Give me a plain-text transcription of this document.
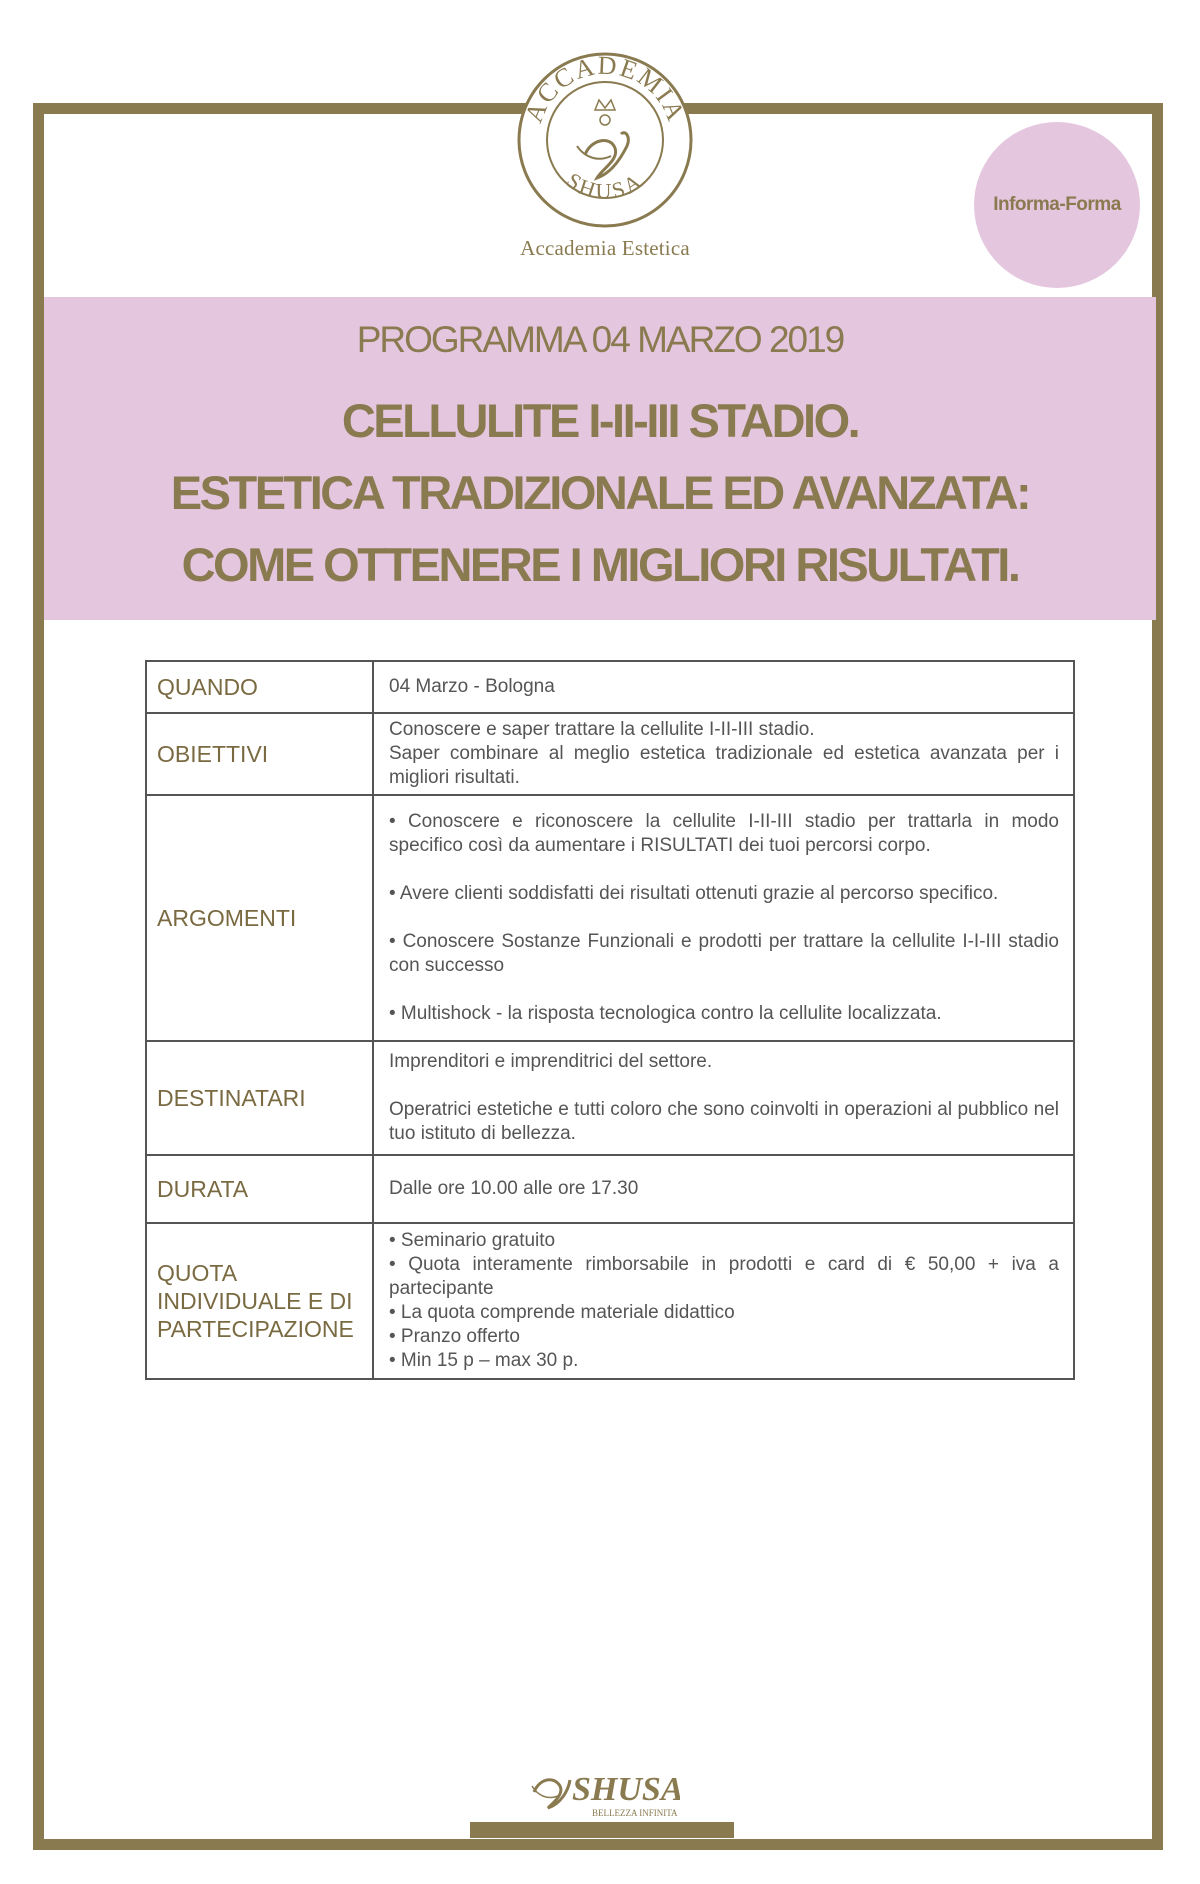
ACCADEMIA
SHUSA
Accademia Estetica
Informa-Forma
PROGRAMMA 04 MARZO 2019
CELLULITE I-II-III STADIO.
ESTETICA TRADIZIONALE ED AVANZATA:
COME OTTENERE I MIGLIORI RISULTATI.
QUANDO	04 Marzo - Bologna

OBIETTIVI	Conoscere e saper trattare la cellulite I-II-III stadio.
Saper combinare al meglio estetica tradizionale ed estetica avanzata per i migliori risultati.

ARGOMENTI	• Conoscere e riconoscere la cellulite I-II-III stadio per trattarla in modo specifico così da aumentare i RISULTATI dei tuoi percorsi corpo.
• Avere clienti soddisfatti dei risultati ottenuti grazie al percorso specifico.
• Conoscere Sostanze Funzionali e prodotti per trattare la cellulite I-I-III stadio con successo
• Multishock - la risposta tecnologica contro la cellulite localizzata.

DESTINATARI	Imprenditori e imprenditrici del settore.
Operatrici estetiche e tutti coloro che sono coinvolti in operazioni al pubblico nel tuo istituto di bellezza.

DURATA	Dalle ore 10.00 alle ore 17.30

QUOTA INDIVIDUALE E DI PARTECIPAZIONE	• Seminario gratuito
• Quota interamente rimborsabile in prodotti e card di € 50,00 + iva a partecipante
• La quota comprende materiale didattico
• Pranzo offerto
• Min 15 p – max 30 p.
SHUSA
BELLEZZA INFINITA
